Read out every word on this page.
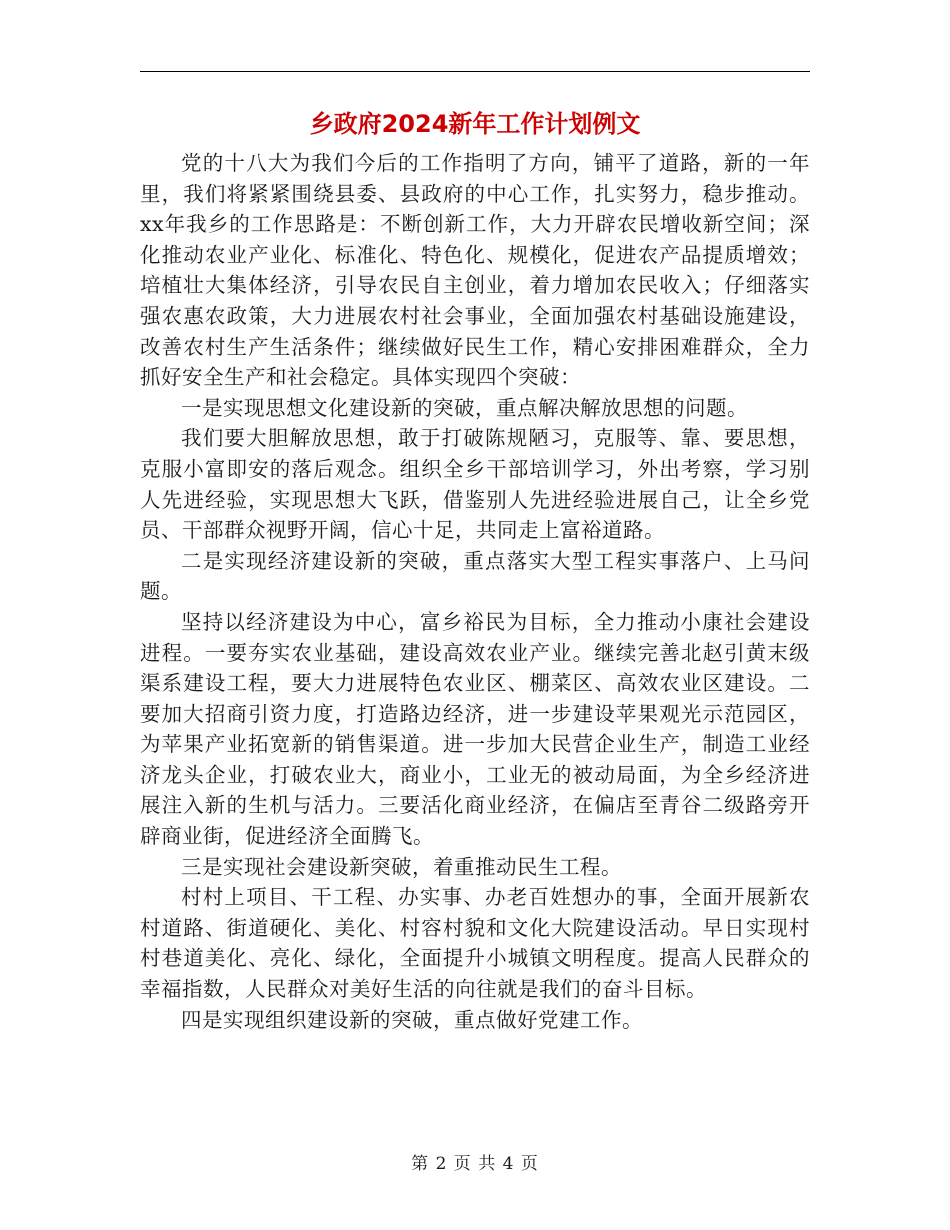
乡政府2024新年工作计划例文

党的十八大为我们今后的工作指明了方向，铺平了道路，新的一年里，我们将紧紧围绕县委、县政府的中心工作，扎实努力，稳步推动。xx年我乡的工作思路是：不断创新工作，大力开辟农民增收新空间；深化推动农业产业化、标准化、特色化、规模化，促进农产品提质增效；培植壮大集体经济，引导农民自主创业，着力增加农民收入；仔细落实强农惠农政策，大力进展农村社会事业，全面加强农村基础设施建设，改善农村生产生活条件；继续做好民生工作，精心安排困难群众，全力抓好安全生产和社会稳定。具体实现四个突破：

一是实现思想文化建设新的突破，重点解决解放思想的问题。

我们要大胆解放思想，敢于打破陈规陋习，克服等、靠、要思想，克服小富即安的落后观念。组织全乡干部培训学习，外出考察，学习别人先进经验，实现思想大飞跃，借鉴别人先进经验进展自己，让全乡党员、干部群众视野开阔，信心十足，共同走上富裕道路。

二是实现经济建设新的突破，重点落实大型工程实事落户、上马问题。

坚持以经济建设为中心，富乡裕民为目标，全力推动小康社会建设进程。一要夯实农业基础，建设高效农业产业。继续完善北赵引黄末级渠系建设工程，要大力进展特色农业区、棚菜区、高效农业区建设。二要加大招商引资力度，打造路边经济，进一步建设苹果观光示范园区，为苹果产业拓宽新的销售渠道。进一步加大民营企业生产，制造工业经济龙头企业，打破农业大，商业小，工业无的被动局面，为全乡经济进展注入新的生机与活力。三要活化商业经济，在偏店至青谷二级路旁开辟商业街，促进经济全面腾飞。

三是实现社会建设新突破，着重推动民生工程。

村村上项目、干工程、办实事、办老百姓想办的事，全面开展新农村道路、街道硬化、美化、村容村貌和文化大院建设活动。早日实现村村巷道美化、亮化、绿化，全面提升小城镇文明程度。提高人民群众的幸福指数，人民群众对美好生活的向往就是我们的奋斗目标。

四是实现组织建设新的突破，重点做好党建工作。

第 2 页 共 4 页
